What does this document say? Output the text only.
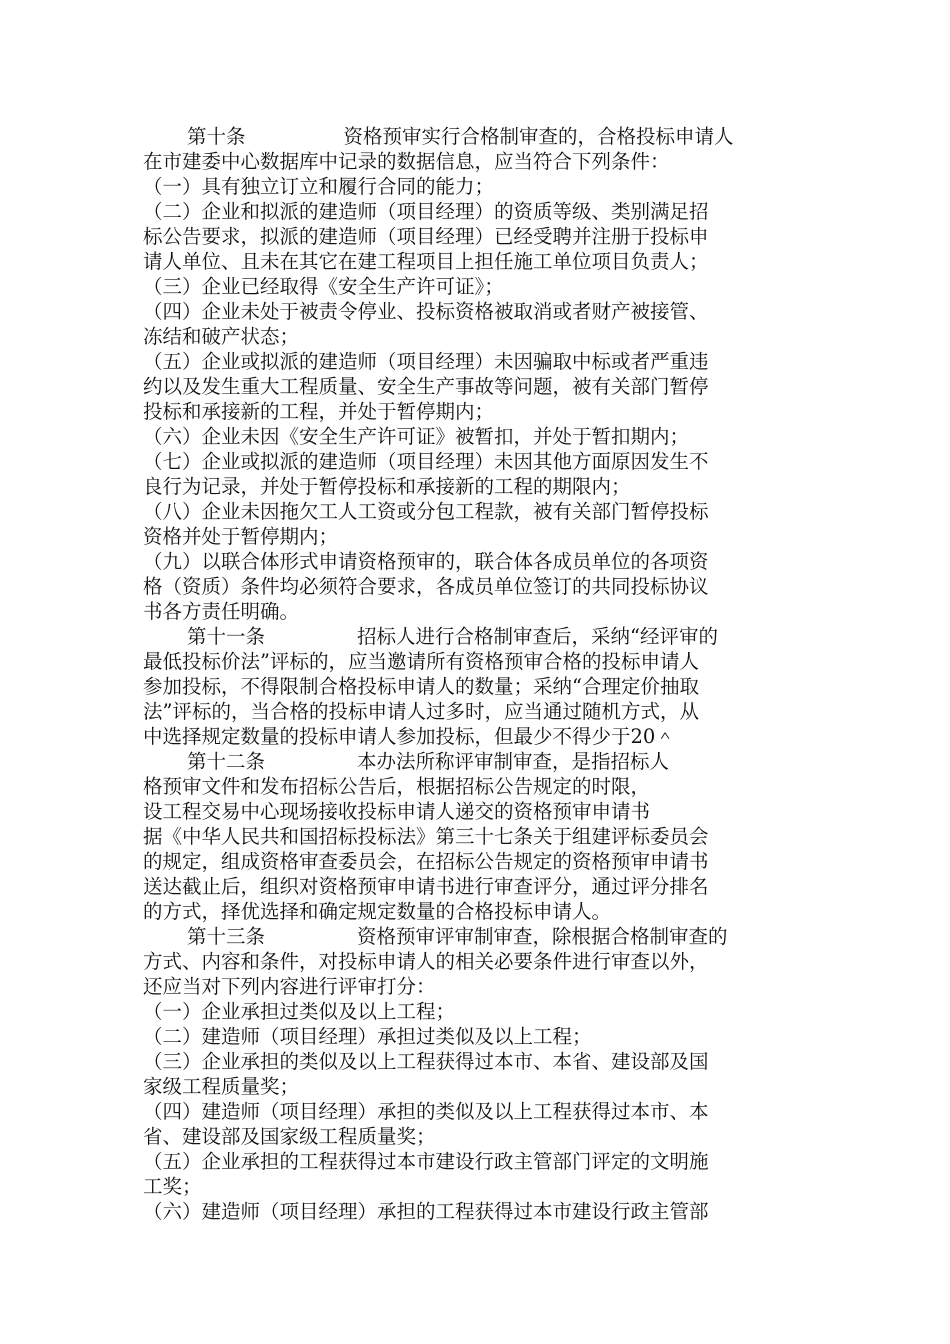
第十条	资格预审实行合格制审查的，合格投标申请人

在市建委中心数据库中记录的数据信息，应当符合下列条件：

（一）具有独立订立和履行合同的能力；

（二）企业和拟派的建造师（项目经理）的资质等级、类别满足招

标公告要求，拟派的建造师（项目经理）已经受聘并注册于投标申

请人单位、且未在其它在建工程项目上担任施工单位项目负责人；

（三）企业已经取得《安全生产许可证》；

（四）企业未处于被责令停业、投标资格被取消或者财产被接管、

冻结和破产状态；

（五）企业或拟派的建造师（项目经理）未因骗取中标或者严重违

约以及发生重大工程质量、安全生产事故等问题，被有关部门暂停

投标和承接新的工程，并处于暂停期内；

（六）企业未因《安全生产许可证》被暂扣，并处于暂扣期内；

（七）企业或拟派的建造师（项目经理）未因其他方面原因发生不

良行为记录，并处于暂停投标和承接新的工程的期限内；

（八）企业未因拖欠工人工资或分包工程款，被有关部门暂停投标

资格并处于暂停期内；

（九）以联合体形式申请资格预审的，联合体各成员单位的各项资

格（资质）条件均必须符合要求，各成员单位签订的共同投标协议

书各方责任明确。

第十一条	招标人进行合格制审查后，采纳“经评审的

最低投标价法”评标的，应当邀请所有资格预审合格的投标申请人

参加投标，不得限制合格投标申请人的数量；采纳“合理定价抽取

法”评标的，当合格的投标申请人过多时，应当通过随机方式，从

中选择规定数量的投标申请人参加投标，但最少不得少于20＾

第十二条	本办法所称评审制审查，是指招标人

格预审文件和发布招标公告后，根据招标公告规定的时限，

设工程交易中心现场接收投标申请人递交的资格预审申请书

据《中华人民共和国招标投标法》第三十七条关于组建评标委员会

的规定，组成资格审查委员会，在招标公告规定的资格预审申请书

送达截止后，组织对资格预审申请书进行审查评分，通过评分排名

的方式，择优选择和确定规定数量的合格投标申请人。

第十三条	资格预审评审制审查，除根据合格制审查的

方式、内容和条件，对投标申请人的相关必要条件进行审查以外，

还应当对下列内容进行评审打分：

（一）企业承担过类似及以上工程；

（二）建造师（项目经理）承担过类似及以上工程；

（三）企业承担的类似及以上工程获得过本市、本省、建设部及国

家级工程质量奖；

（四）建造师（项目经理）承担的类似及以上工程获得过本市、本

省、建设部及国家级工程质量奖；

（五）企业承担的工程获得过本市建设行政主管部门评定的文明施

工奖；

（六）建造师（项目经理）承担的工程获得过本市建设行政主管部
